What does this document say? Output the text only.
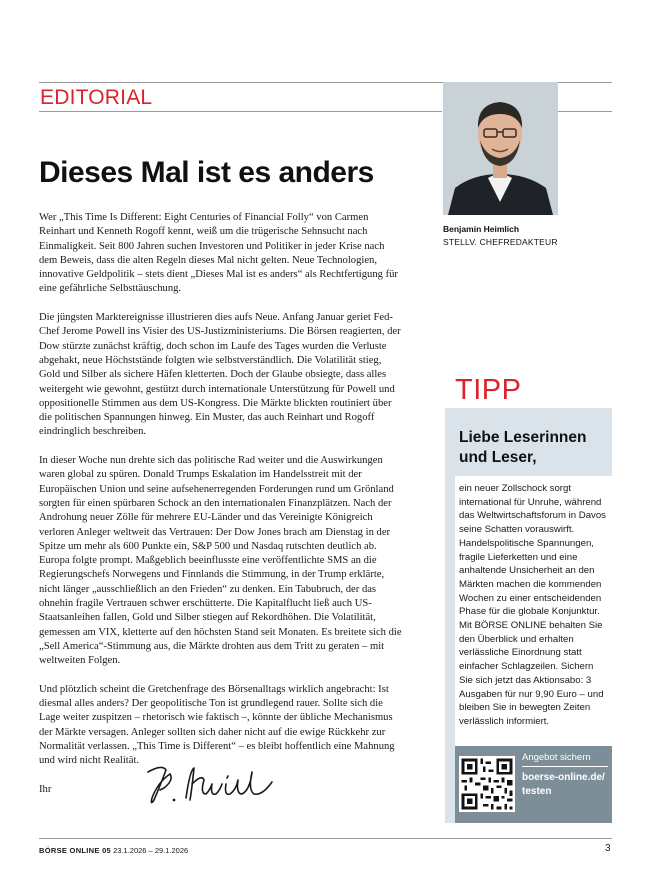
EDITORIAL
Dieses Mal ist es anders
Benjamin Heimlich
STELLV. CHEFREDAKTEUR

Wer „This Time Is Different: Eight Centuries of Financial Folly“ von Carmen Reinhart und Kenneth Rogoff kennt, weiß um die trügerische Sehnsucht nach Einmaligkeit. Seit 800 Jahren suchen Investoren und Politiker in jeder Krise nach dem Beweis, dass die alten Regeln dieses Mal nicht gelten. Neue Technologien, innovative Geldpolitik – stets dient „Dieses Mal ist es anders“ als Rechtfertigung für eine gefährliche Selbsttäuschung.

Die jüngsten Marktereignisse illustrieren dies aufs Neue. Anfang Januar geriet Fed-Chef Jerome Powell ins Visier des US-Justizministeriums. Die Börsen reagierten, der Dow stürzte zunächst kräftig, doch schon im Laufe des Tages wurden die Verluste abgehakt, neue Höchststände folgten wie selbstverständlich. Die Volatilität stieg, Gold und Silber als sichere Häfen kletterten. Doch der Glaube obsiegte, dass alles weitergeht wie gewohnt, gestützt durch internationale Unterstützung für Powell und oppositionelle Stimmen aus dem US-Kongress. Die Märkte blickten routiniert über die politischen Spannungen hinweg. Ein Muster, das auch Reinhart und Rogoff eindringlich beschreiben.

In dieser Woche nun drehte sich das politische Rad weiter und die Auswirkungen waren global zu spüren. Donald Trumps Eskalation im Handelsstreit mit der Europäischen Union und seine aufsehenerregenden Forderungen rund um Grönland sorgten für einen spürbaren Schock an den internationalen Finanzplätzen. Nach der Androhung neuer Zölle für mehrere EU-Länder und das Vereinigte Königreich verloren Anleger weltweit das Vertrauen: Der Dow Jones brach am Dienstag in der Spitze um mehr als 600 Punkte ein, S&P 500 und Nasdaq rutschten deutlich ab. Europa folgte prompt. Maßgeblich beeinflusste eine veröffentlichte SMS an die Regierungschefs Norwegens und Finnlands die Stimmung, in der Trump erklärte, nicht länger „ausschließlich an den Frieden“ zu denken. Ein Tabubruch, der das ohnehin fragile Vertrauen schwer erschütterte. Die Kapitalflucht ließ auch US-Staatsanleihen fallen, Gold und Silber stiegen auf Rekordhöhen. Die Volatilität, gemessen am VIX, kletterte auf den höchsten Stand seit Monaten. Es breitete sich die „Sell America“-Stimmung aus, die Märkte drohten aus dem Tritt zu geraten – mit weltweiten Folgen.

Und plötzlich scheint die Gretchenfrage des Börsenalltags wirklich angebracht: Ist diesmal alles anders? Der geopolitische Ton ist grundlegend rauer. Sollte sich die Lage weiter zuspitzen – rhetorisch wie faktisch –, könnte der übliche Mechanismus der Märkte versagen. Anleger sollten sich daher nicht auf die ewige Rückkehr zur Normalität verlassen. „This Time is Different“ – es bleibt hoffentlich eine Mahnung und wird nicht Realität.

Ihr

TIPP
Liebe Leserinnen und Leser,
ein neuer Zollschock sorgt international für Unruhe, während das Weltwirtschaftsforum in Davos seine Schatten vorauswirft. Handelspolitische Spannungen, fragile Lieferketten und eine anhaltende Unsicherheit an den Märkten machen die kommenden Wochen zu einer entscheidenden Phase für die globale Konjunktur. Mit BÖRSE ONLINE behalten Sie den Überblick und erhalten verlässliche Einordnung statt einfacher Schlagzeilen. Sichern Sie sich jetzt das Aktionsabo: 3 Ausgaben für nur 9,90 Euro – und bleiben Sie in bewegten Zeiten verlässlich informiert.
Angebot sichern
boerse-online.de/ testen
BÖRSE ONLINE 05 23.1.2026 – 29.1.2026	3
